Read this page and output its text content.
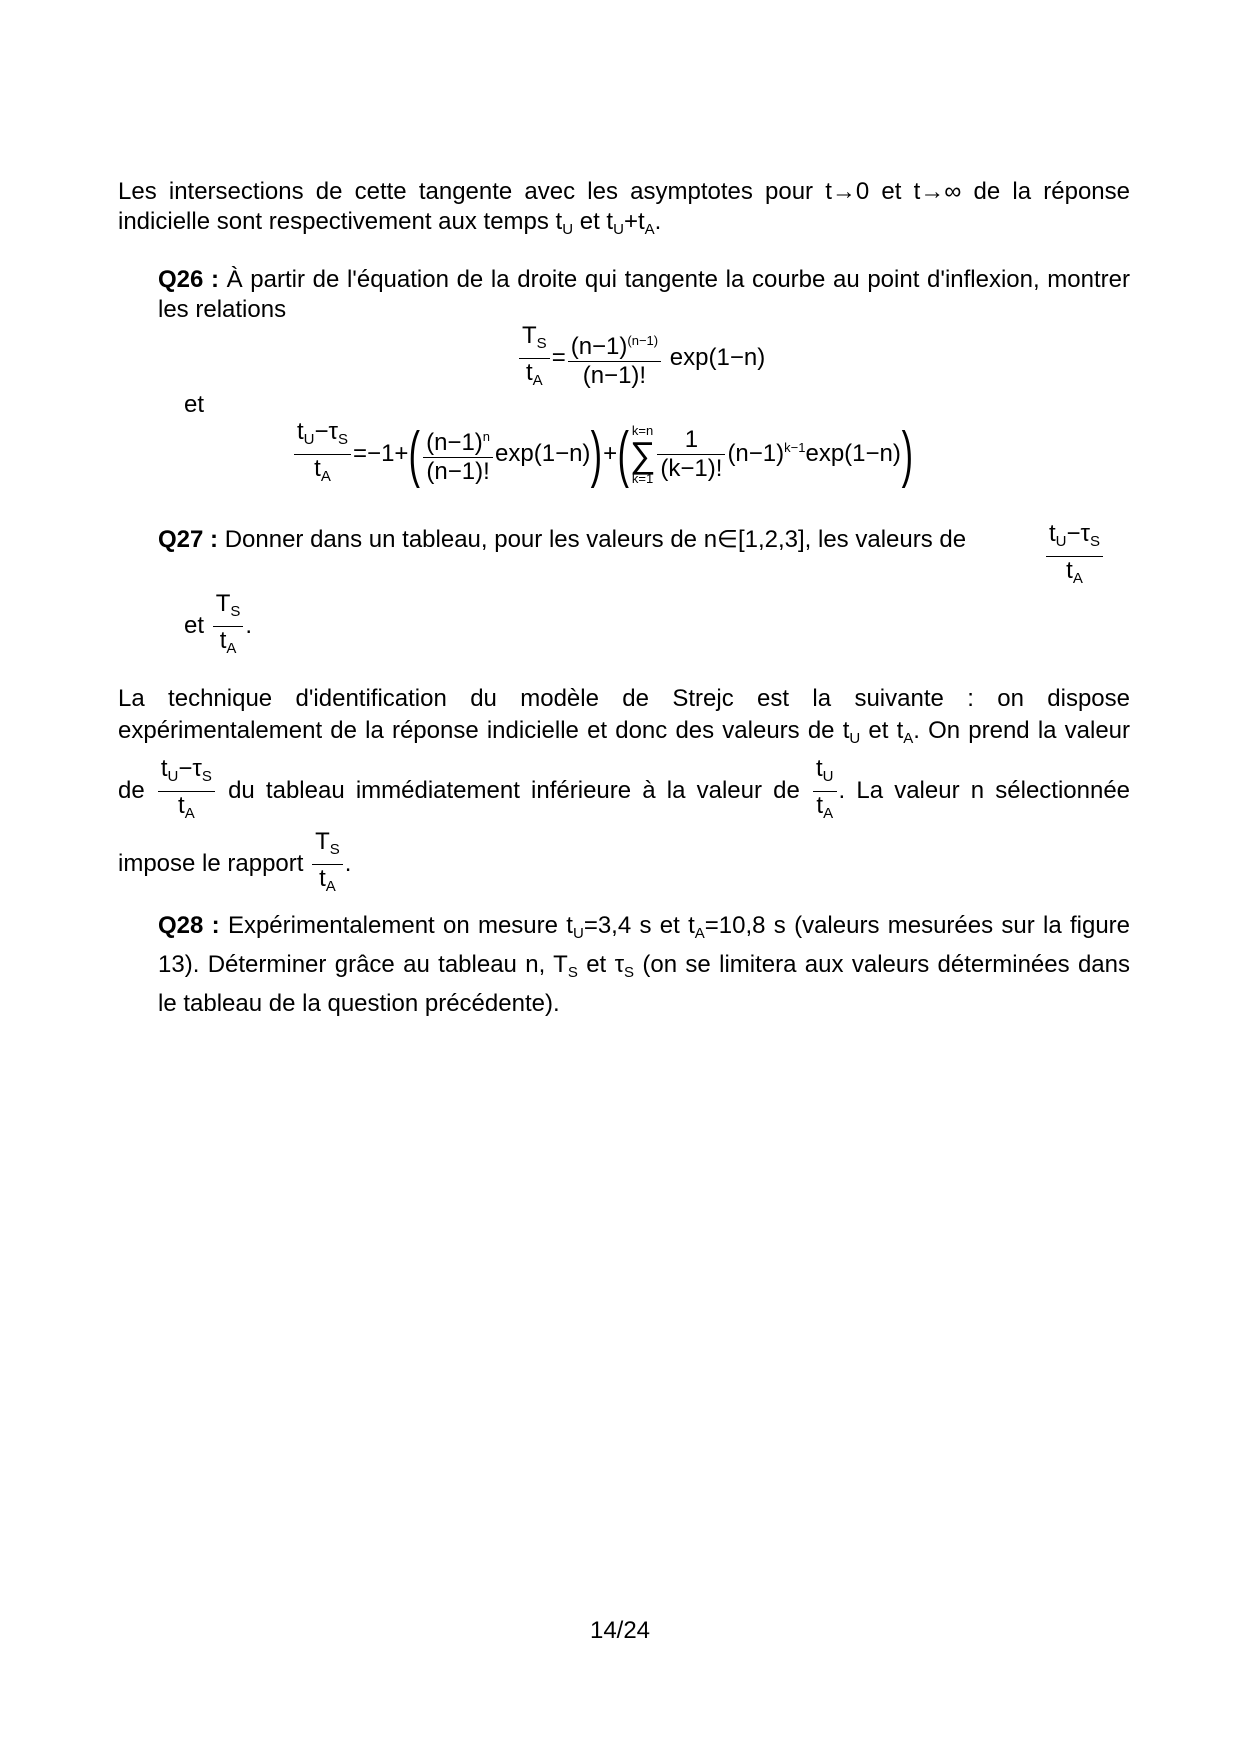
Les intersections de cette tangente avec les asymptotes pour t→0 et t→∞ de la réponse indicielle sont respectivement aux temps $t_U$ et $t_U+t_A$.
Q26 : À partir de l'équation de la droite qui tangente la courbe au point d'inflexion, montrer les relations
$\frac{T_S}{t_A} = \frac{(n-1)^{(n-1)}}{(n-1)!} \exp(1-n)$
et
$\frac{t_U-\tau_S}{t_A} =-1+( \frac{(n-1)^n}{(n-1)!} \exp(1-n))+$( k=n
∑
$k=1 \frac{1}{(k-1)!} (n-1)^{k-1}\exp(1-n)$)
Q27 : Donner dans un tableau, pour les valeurs de n∈[1,2,3], les valeurs de	$\frac{t_U-\tau_S}{t_A}$
et $\frac{T_S}{t_A}$ .
La technique d'identification du modèle de Strejc est la suivante : on dispose expérimentalement de la réponse indicielle et donc des valeurs de $t_U$ et $t_A$. On prend la valeur de $\frac{t_U-\tau_S}{t_A}$ du tableau immédiatement inférieure à la valeur de $\frac{t_U}{t_A}$ . La valeur n sélectionnée impose le rapport $\frac{T_S}{t_A}$ .
Q28 : Expérimentalement on mesure $t_U=3,4$ s et $t_A=10,8$ s (valeurs mesurées sur la figure 13). Déterminer grâce au tableau n, $T_S$ et $\tau_S$ (on se limitera aux valeurs déterminées dans le tableau de la question précédente).
14/24
